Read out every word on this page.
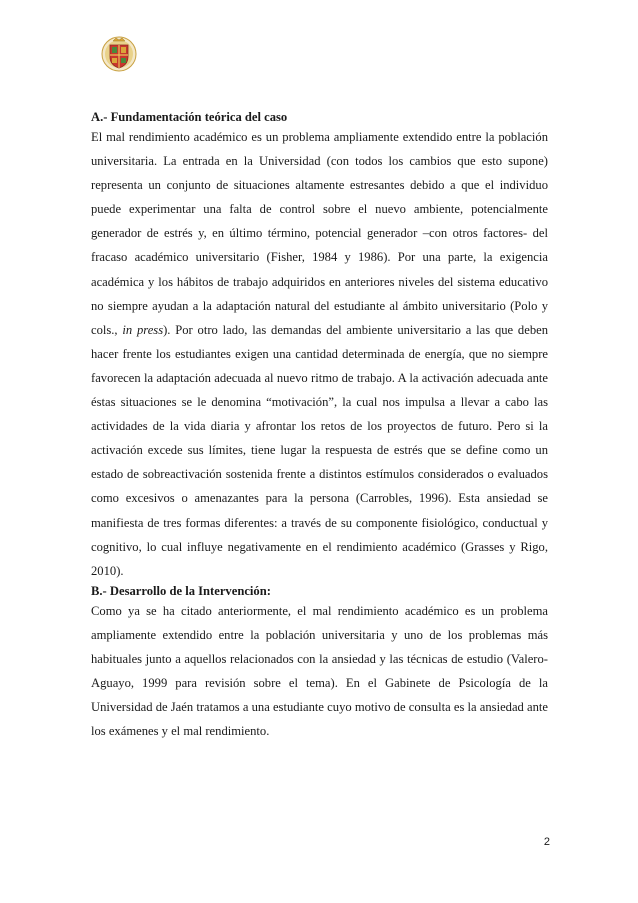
A.- Fundamentación teórica del caso

El mal rendimiento académico es un problema ampliamente extendido entre la población universitaria. La entrada en la Universidad (con todos los cambios que esto supone) representa un conjunto de situaciones altamente estresantes debido a que el individuo puede experimentar una falta de control sobre el nuevo ambiente, potencialmente generador de estrés y, en último término, potencial generador –con otros factores- del fracaso académico universitario (Fisher, 1984 y 1986). Por una parte, la exigencia académica y los hábitos de trabajo adquiridos en anteriores niveles del sistema educativo no siempre ayudan a la adaptación natural del estudiante al ámbito universitario (Polo y cols., in press). Por otro lado, las demandas del ambiente universitario a las que deben hacer frente los estudiantes exigen una cantidad determinada de energía, que no siempre favorecen la adaptación adecuada al nuevo ritmo de trabajo. A la activación adecuada ante éstas situaciones se le denomina “motivación”, la cual nos impulsa a llevar a cabo las actividades de la vida diaria y afrontar los retos de los proyectos de futuro. Pero si la activación excede sus límites, tiene lugar la respuesta de estrés que se define como un estado de sobreactivación sostenida frente a distintos estímulos considerados o evaluados como excesivos o amenazantes para la persona (Carrobles, 1996). Esta ansiedad se manifiesta de tres formas diferentes: a través de su componente fisiológico, conductual y cognitivo, lo cual influye negativamente en el rendimiento académico (Grasses y Rigo, 2010).

B.- Desarrollo de la Intervención:

Como ya se ha citado anteriormente, el mal rendimiento académico es un problema ampliamente extendido entre la población universitaria y uno de los problemas más habituales junto a aquellos relacionados con la ansiedad y las técnicas de estudio (Valero-Aguayo, 1999 para revisión sobre el tema). En el Gabinete de Psicología de la Universidad de Jaén tratamos a una estudiante cuyo motivo de consulta es la ansiedad ante los exámenes y el mal rendimiento.

2
